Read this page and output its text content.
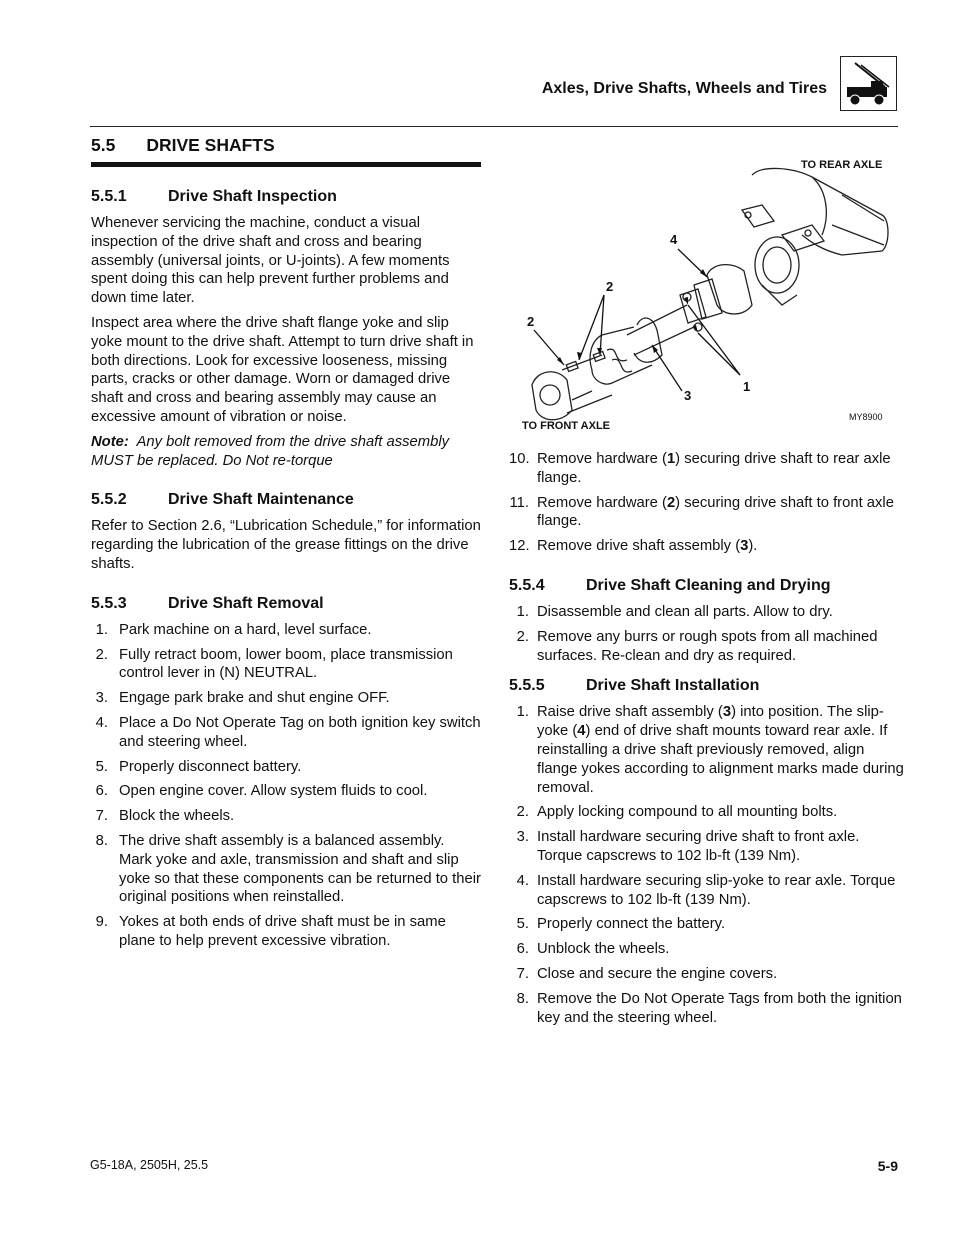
Axles, Drive Shafts, Wheels and Tires
5.5 DRIVE SHAFTS
5.5.1	Drive Shaft Inspection

Whenever servicing the machine, conduct a visual inspection of the drive shaft and cross and bearing assembly (universal joints, or U-joints). A few moments spent doing this can help prevent further problems and down time later.

Inspect area where the drive shaft flange yoke and slip yoke mount to the drive shaft. Attempt to turn drive shaft in both directions. Look for excessive looseness, missing parts, cracks or other damage. Worn or damaged drive shaft and cross and bearing assembly may cause an excessive amount of vibration or noise.

Note: Any bolt removed from the drive shaft assembly MUST be replaced. Do Not re-torque

5.5.2	Drive Shaft Maintenance

Refer to Section 2.6, “Lubrication Schedule,” for information regarding the lubrication of the grease fittings on the drive shafts.

5.5.3	Drive Shaft Removal
1. Park machine on a hard, level surface.
2. Fully retract boom, lower boom, place transmission control lever in (N) NEUTRAL.
3. Engage park brake and shut engine OFF.
4. Place a Do Not Operate Tag on both ignition key switch and steering wheel.
5. Properly disconnect battery.
6. Open engine cover. Allow system fluids to cool.
7. Block the wheels.
8. The drive shaft assembly is a balanced assembly. Mark yoke and axle, transmission and shaft and slip yoke so that these components can be returned to their original positions when reinstalled.
9. Yokes at both ends of drive shaft must be in same plane to help prevent excessive vibration.
TO REAR AXLE
TO FRONT AXLE
MY8900
4
2
2
3
1
10. Remove hardware (1) securing drive shaft to rear axle flange.
11. Remove hardware (2) securing drive shaft to front axle flange.
12. Remove drive shaft assembly (3).
5.5.4	Drive Shaft Cleaning and Drying
1. Disassemble and clean all parts. Allow to dry.
2. Remove any burrs or rough spots from all machined surfaces. Re-clean and dry as required.
5.5.5	Drive Shaft Installation
1. Raise drive shaft assembly (3) into position. The slip-yoke (4) end of drive shaft mounts toward rear axle. If reinstalling a drive shaft previously removed, align flange yokes according to alignment marks made during removal.
2. Apply locking compound to all mounting bolts.
3. Install hardware securing drive shaft to front axle. Torque capscrews to 102 lb-ft (139 Nm).
4. Install hardware securing slip-yoke to rear axle. Torque capscrews to 102 lb-ft (139 Nm).
5. Properly connect the battery.
6. Unblock the wheels.
7. Close and secure the engine covers.
8. Remove the Do Not Operate Tags from both the ignition key and the steering wheel.
G5-18A, 2505H, 25.5	5-9
